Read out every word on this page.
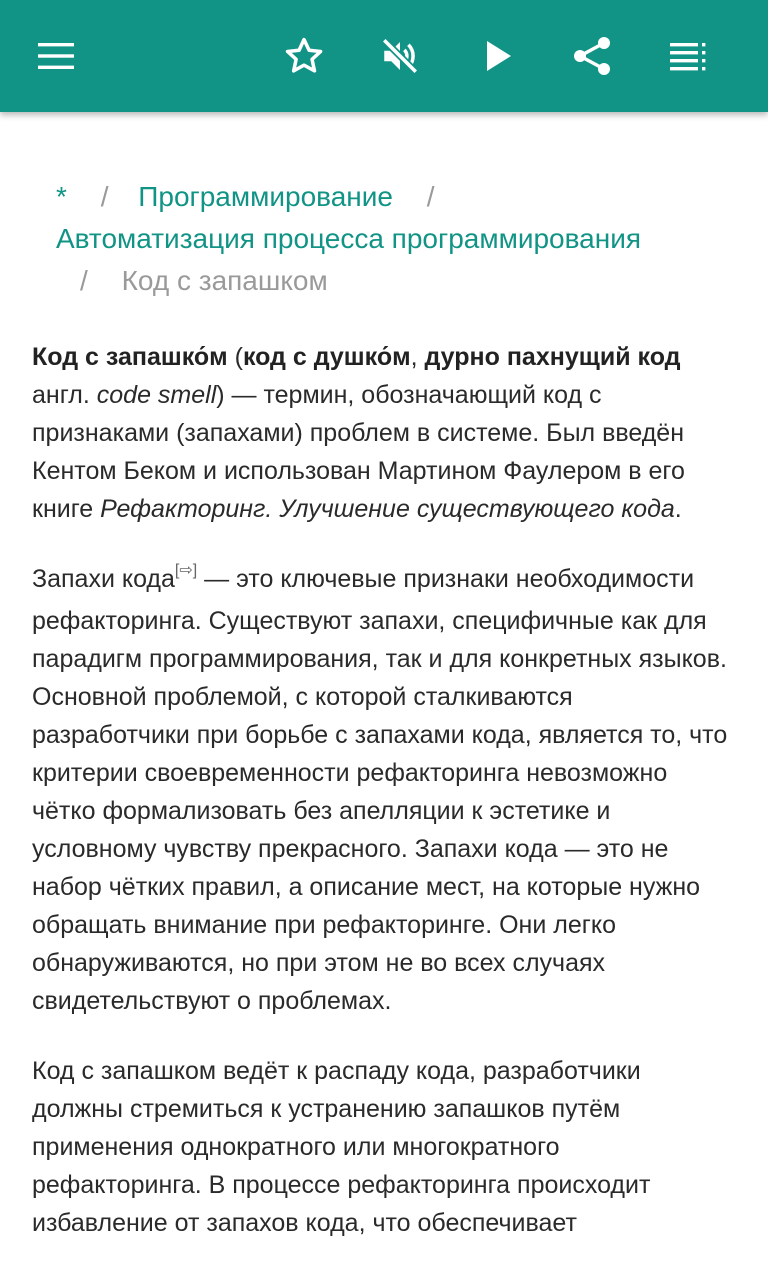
* / Программирование /
Автоматизация процесса программирования
/ Код с запашком

Код с запашко́м (код с душко́м, дурно пахнущий код англ. code smell) — термин, обозначающий код с признаками (запахами) проблем в системе. Был введён Кентом Беком и использован Мартином Фаулером в его книге Рефакторинг. Улучшение существующего кода.

Запахи кода[⇨] — это ключевые признаки необходимости рефакторинга. Существуют запахи, специфичные как для парадигм программирования, так и для конкретных языков. Основной проблемой, с которой сталкиваются разработчики при борьбе с запахами кода, является то, что критерии своевременности рефакторинга невозможно чётко формализовать без апелляции к эстетике и условному чувству прекрасного. Запахи кода — это не набор чётких правил, а описание мест, на которые нужно обращать внимание при рефакторинге. Они легко обнаруживаются, но при этом не во всех случаях свидетельствуют о проблемах.

Код с запашком ведёт к распаду кода, разработчики должны стремиться к устранению запашков путём применения однократного или многократного рефакторинга. В процессе рефакторинга происходит избавление от запахов кода, что обеспечивает
